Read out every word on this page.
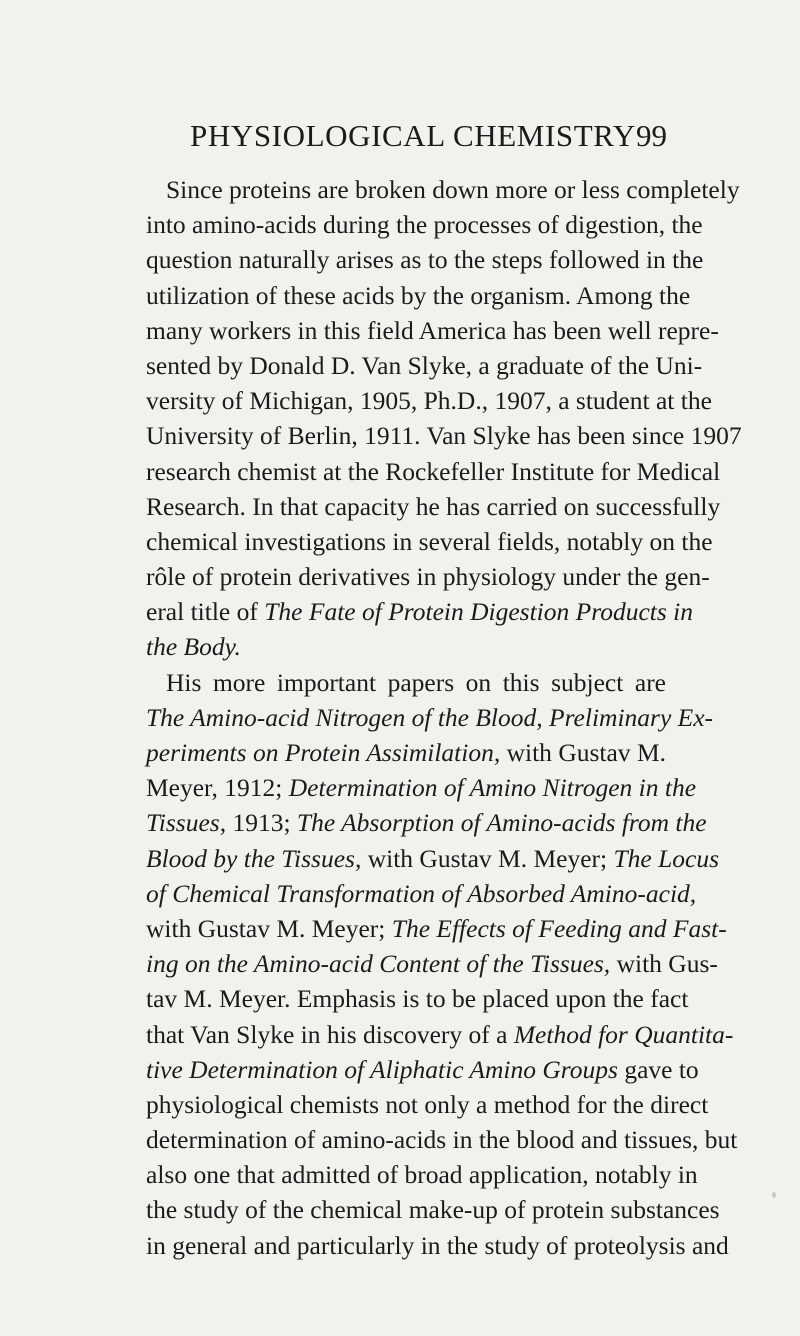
PHYSIOLOGICAL CHEMISTRY 99
Since proteins are broken down more or less completely
into amino-acids during the processes of digestion, the
question naturally arises as to the steps followed in the
utilization of these acids by the organism. Among the
many workers in this field America has been well repre-
sented by Donald D. Van Slyke, a graduate of the Uni-
versity of Michigan, 1905, Ph.D., 1907, a student at the
University of Berlin, 1911. Van Slyke has been since 1907
research chemist at the Rockefeller Institute for Medical
Research. In that capacity he has carried on successfully
chemical investigations in several fields, notably on the
rôle of protein derivatives in physiology under the gen-
eral title of The Fate of Protein Digestion Products in
the Body.
His more important papers on this subject are
The Amino-acid Nitrogen of the Blood, Preliminary Ex-
periments on Protein Assimilation, with Gustav M.
Meyer, 1912; Determination of Amino Nitrogen in the
Tissues, 1913; The Absorption of Amino-acids from the
Blood by the Tissues, with Gustav M. Meyer; The Locus
of Chemical Transformation of Absorbed Amino-acid,
with Gustav M. Meyer; The Effects of Feeding and Fast-
ing on the Amino-acid Content of the Tissues, with Gus-
tav M. Meyer. Emphasis is to be placed upon the fact
that Van Slyke in his discovery of a Method for Quantita-
tive Determination of Aliphatic Amino Groups gave to
physiological chemists not only a method for the direct
determination of amino-acids in the blood and tissues, but
also one that admitted of broad application, notably in
the study of the chemical make-up of protein substances
in general and particularly in the study of proteolysis and
